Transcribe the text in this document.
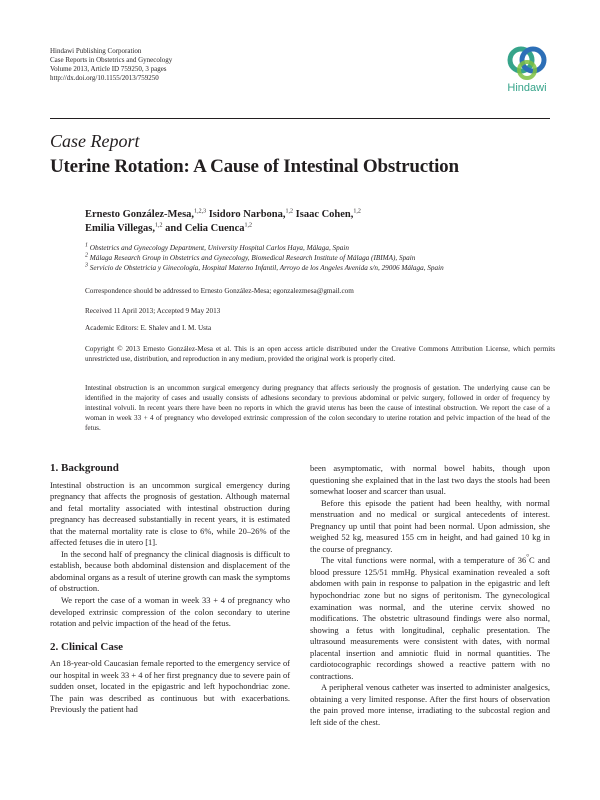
Hindawi Publishing Corporation
Case Reports in Obstetrics and Gynecology
Volume 2013, Article ID 759250, 3 pages
http://dx.doi.org/10.1155/2013/759250
Hindawi
Case Report
Uterine Rotation: A Cause of Intestinal Obstruction
Ernesto González-Mesa,$^{1,2,3}$ Isidoro Narbona,$^{1,2}$ Isaac Cohen,$^{1,2}$
Emilia Villegas,$^{1,2}$ and Celia Cuenca$^{1,2}$
$^1$ Obstetrics and Gynecology Department, University Hospital Carlos Haya, Málaga, Spain
$^2$ Málaga Research Group in Obstetrics and Gynecology, Biomedical Research Institute of Málaga (IBIMA), Spain
$^3$ Servicio de Obstetricia y Ginecología, Hospital Materno Infantil, Arroyo de los Angeles Avenida s/n, 29006 Málaga, Spain
Correspondence should be addressed to Ernesto González-Mesa; egonzalezmesa@gmail.com
Received 11 April 2013; Accepted 9 May 2013
Academic Editors: E. Shalev and I. M. Usta
Copyright © 2013 Ernesto González-Mesa et al. This is an open access article distributed under the Creative Commons Attribution License, which permits unrestricted use, distribution, and reproduction in any medium, provided the original work is properly cited.
Intestinal obstruction is an uncommon surgical emergency during pregnancy that affects seriously the prognosis of gestation. The underlying cause can be identified in the majority of cases and usually consists of adhesions secondary to previous abdominal or pelvic surgery, followed in order of frequency by intestinal volvuli. In recent years there have been no reports in which the gravid uterus has been the cause of intestinal obstruction. We report the case of a woman in week 33 + 4 of pregnancy who developed extrinsic compression of the colon secondary to uterine rotation and pelvic impaction of the head of the fetus.

1. Background

Intestinal obstruction is an uncommon surgical emergency during pregnancy that affects the prognosis of gestation. Although maternal and fetal mortality associated with intestinal obstruction during pregnancy has decreased substantially in recent years, it is estimated that the maternal mortality rate is close to 6%, while 20–26% of the affected fetuses die in utero [1].

In the second half of pregnancy the clinical diagnosis is difficult to establish, because both abdominal distension and displacement of the abdominal organs as a result of uterine growth can mask the symptoms of obstruction.

We report the case of a woman in week 33 + 4 of pregnancy who developed extrinsic compression of the colon secondary to uterine rotation and pelvic impaction of the head of the fetus.

2. Clinical Case

An 18-year-old Caucasian female reported to the emergency service of our hospital in week 33 + 4 of her first pregnancy due to severe pain of sudden onset, located in the epigastric and left hypochondriac zone. The pain was described as continuous but with exacerbations. Previously the patient had

been asymptomatic, with normal bowel habits, though upon questioning she explained that in the last two days the stools had been somewhat looser and scarcer than usual.

Before this episode the patient had been healthy, with normal menstruation and no medical or surgical antecedents of interest. Pregnancy up until that point had been normal. Upon admission, she weighed 52 kg, measured 155 cm in height, and had gained 10 kg in the course of pregnancy.

The vital functions were normal, with a temperature of 36°C and blood pressure 125/51 mmHg. Physical examination revealed a soft abdomen with pain in response to palpation in the epigastric and left hypochondriac zone but no signs of peritonism. The gynecological examination was normal, and the uterine cervix showed no modifications. The obstetric ultrasound findings were also normal, showing a fetus with longitudinal, cephalic presentation. The ultrasound measurements were consistent with dates, with normal placental insertion and amniotic fluid in normal quantities. The cardiotocographic recordings showed a reactive pattern with no contractions.

A peripheral venous catheter was inserted to administer analgesics, obtaining a very limited response. After the first hours of observation the pain proved more intense, irradiating to the subcostal region and left side of the chest.
